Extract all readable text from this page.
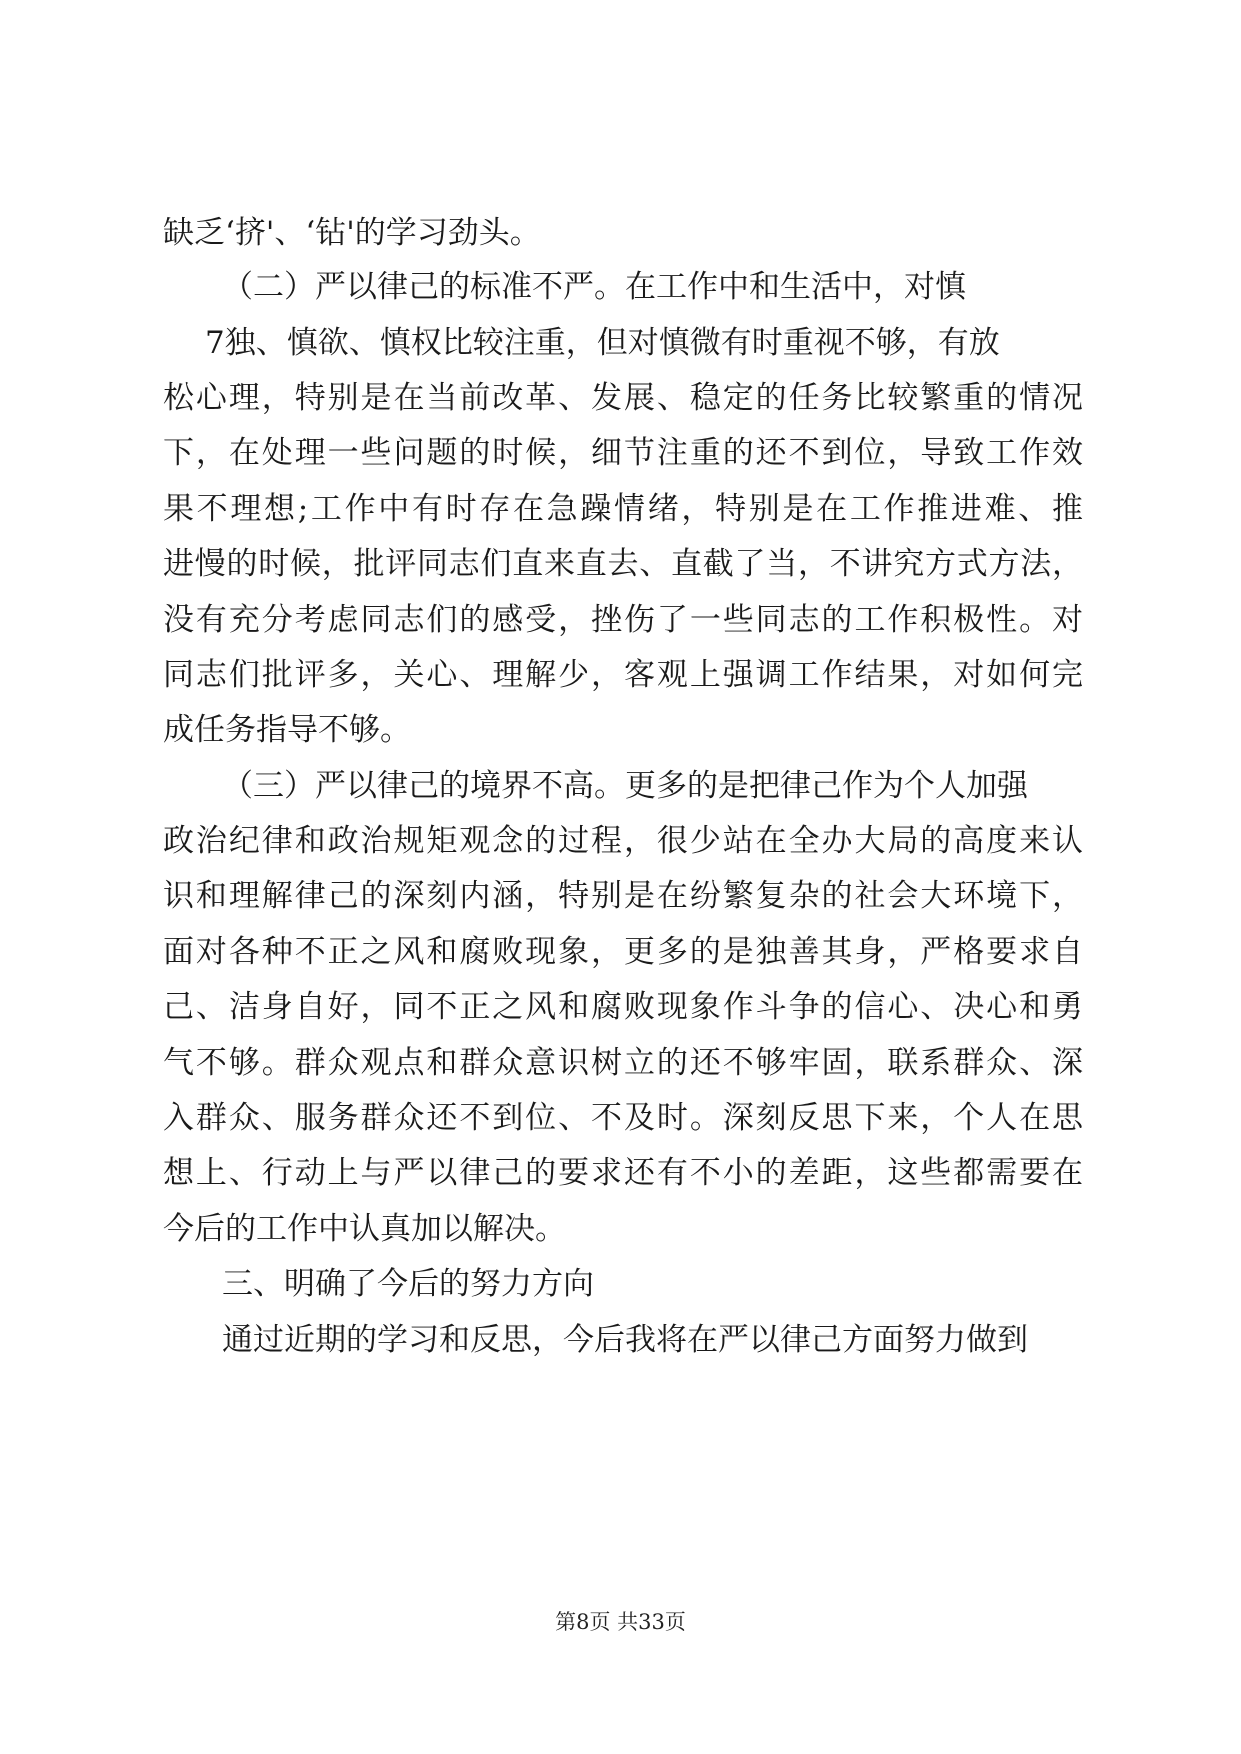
缺乏‘挤'、‘钻'的学习劲头。
（二）严以律己的标准不严。在工作中和生活中，对慎
7独、慎欲、慎权比较注重，但对慎微有时重视不够，有放
松心理，特别是在当前改革、发展、稳定的任务比较繁重的情况
下，在处理一些问题的时候，细节注重的还不到位，导致工作效
果不理想;工作中有时存在急躁情绪，特别是在工作推进难、推
进慢的时候，批评同志们直来直去、直截了当，不讲究方式方法，
没有充分考虑同志们的感受，挫伤了一些同志的工作积极性。对
同志们批评多，关心、理解少，客观上强调工作结果，对如何完
成任务指导不够。
（三）严以律己的境界不高。更多的是把律己作为个人加强
政治纪律和政治规矩观念的过程，很少站在全办大局的高度来认
识和理解律己的深刻内涵，特别是在纷繁复杂的社会大环境下，
面对各种不正之风和腐败现象，更多的是独善其身，严格要求自
己、洁身自好，同不正之风和腐败现象作斗争的信心、决心和勇
气不够。群众观点和群众意识树立的还不够牢固，联系群众、深
入群众、服务群众还不到位、不及时。深刻反思下来，个人在思
想上、行动上与严以律己的要求还有不小的差距，这些都需要在
今后的工作中认真加以解决。
三、明确了今后的努力方向
通过近期的学习和反思，今后我将在严以律己方面努力做到
第8页 共33页
